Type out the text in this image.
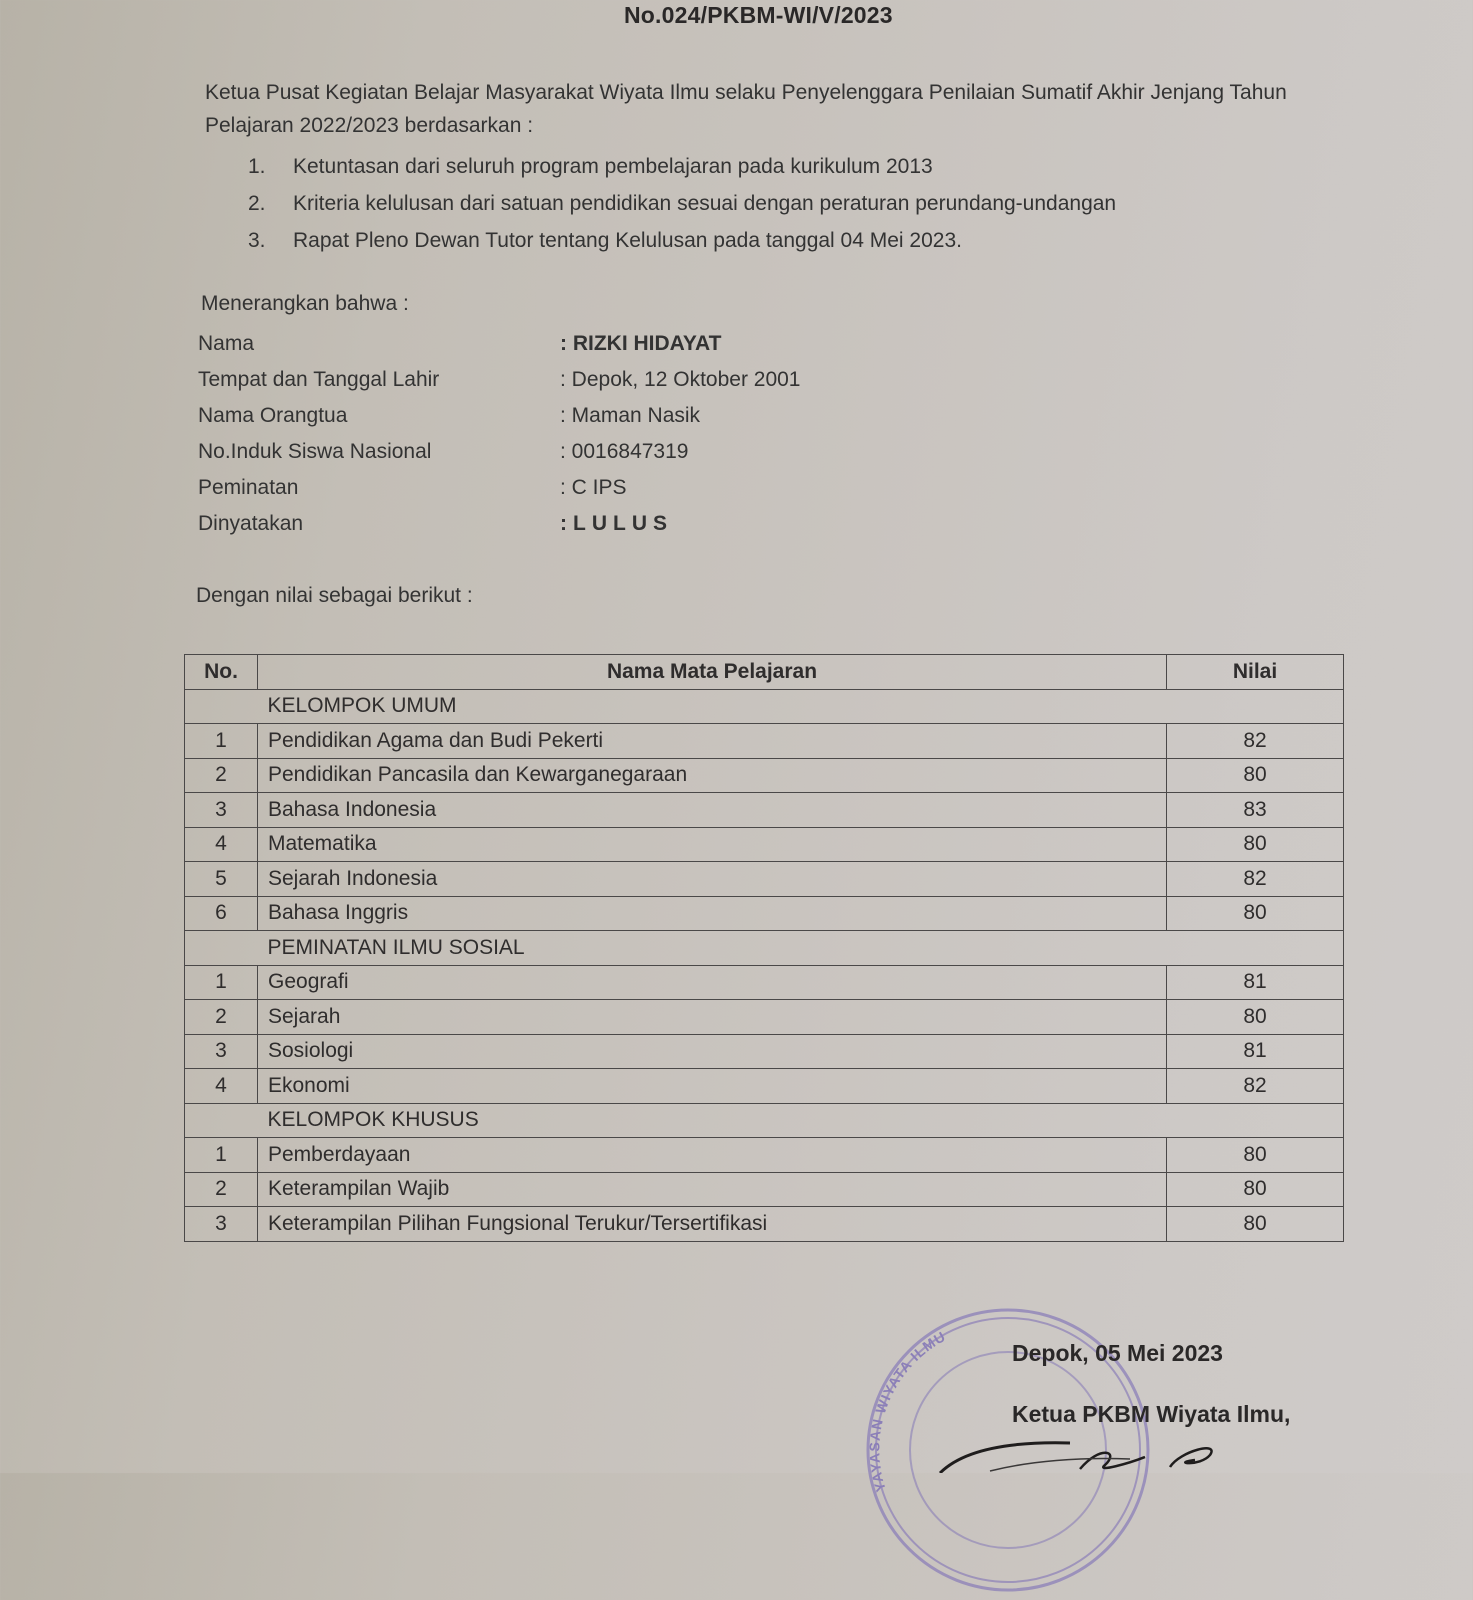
No.024/PKBM-WI/V/2023
Ketua Pusat Kegiatan Belajar Masyarakat Wiyata Ilmu selaku Penyelenggara Penilaian Sumatif Akhir Jenjang Tahun Pelajaran 2022/2023 berdasarkan :
1. Ketuntasan dari seluruh program pembelajaran pada kurikulum 2013
2. Kriteria kelulusan dari satuan pendidikan sesuai dengan peraturan perundang-undangan
3. Rapat Pleno Dewan Tutor tentang Kelulusan pada tanggal 04 Mei 2023.
Menerangkan bahwa :
Nama	: RIZKI HIDAYAT
Tempat dan Tanggal Lahir	: Depok, 12 Oktober 2001
Nama Orangtua	: Maman Nasik
No.Induk Siswa Nasional	: 0016847319
Peminatan	: C IPS
Dinyatakan	:LULUS
Dengan nilai sebagai berikut :
No.	Nama Mata Pelajaran	Nilai
	KELOMPOK UMUM	
1	Pendidikan Agama dan Budi Pekerti	82
2	Pendidikan Pancasila dan Kewarganegaraan	80
3	Bahasa Indonesia	83
4	Matematika	80
5	Sejarah Indonesia	82
6	Bahasa Inggris	80
	PEMINATAN ILMU SOSIAL	
1	Geografi	81
2	Sejarah	80
3	Sosiologi	81
4	Ekonomi	82
	KELOMPOK KHUSUS	
1	Pemberdayaan	80
2	Keterampilan Wajib	80
3	Keterampilan Pilihan Fungsional Terukur/Tersertifikasi	80
YAYASAN WIYATA ILMU
Depok, 05 Mei 2023
Ketua PKBM Wiyata Ilmu,
